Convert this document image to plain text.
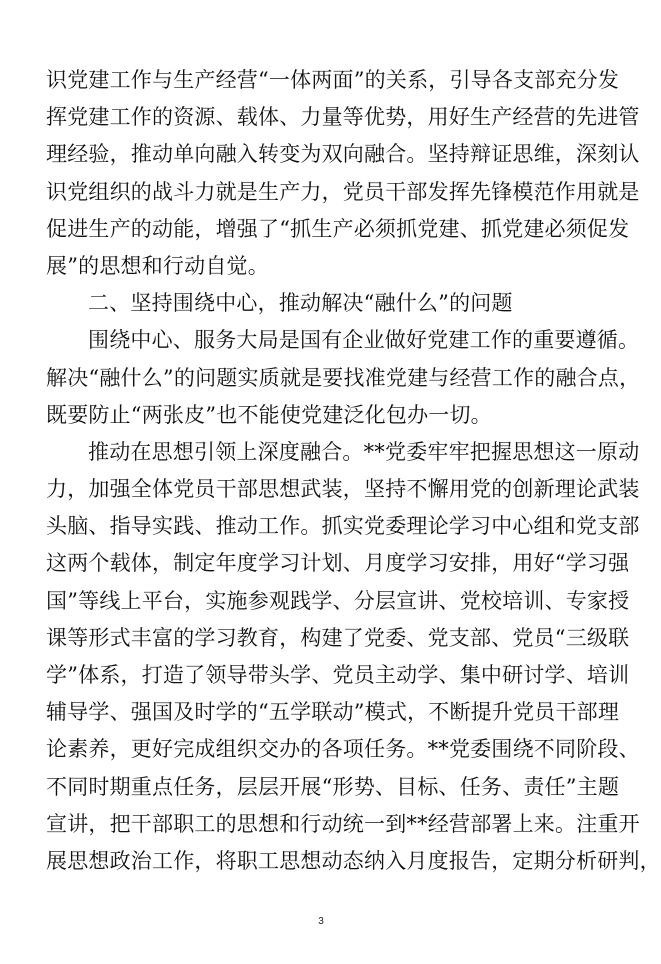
识党建工作与生产经营“一体两面”的关系，引导各支部充分发
挥党建工作的资源、载体、力量等优势，用好生产经营的先进管
理经验，推动单向融入转变为双向融合。坚持辩证思维，深刻认
识党组织的战斗力就是生产力，党员干部发挥先锋模范作用就是
促进生产的动能，增强了“抓生产必须抓党建、抓党建必须促发
展”的思想和行动自觉。
二、坚持围绕中心，推动解决“融什么”的问题
围绕中心、服务大局是国有企业做好党建工作的重要遵循。
解决“融什么”的问题实质就是要找准党建与经营工作的融合点，
既要防止“两张皮”也不能使党建泛化包办一切。
推动在思想引领上深度融合。**党委牢牢把握思想这一原动
力，加强全体党员干部思想武装，坚持不懈用党的创新理论武装
头脑、指导实践、推动工作。抓实党委理论学习中心组和党支部
这两个载体，制定年度学习计划、月度学习安排，用好“学习强
国”等线上平台，实施参观践学、分层宣讲、党校培训、专家授
课等形式丰富的学习教育，构建了党委、党支部、党员“三级联
学”体系，打造了领导带头学、党员主动学、集中研讨学、培训
辅导学、强国及时学的“五学联动”模式，不断提升党员干部理
论素养，更好完成组织交办的各项任务。**党委围绕不同阶段、
不同时期重点任务，层层开展“形势、目标、任务、责任”主题
宣讲，把干部职工的思想和行动统一到**经营部署上来。注重开
展思想政治工作，将职工思想动态纳入月度报告，定期分析研判，
3
